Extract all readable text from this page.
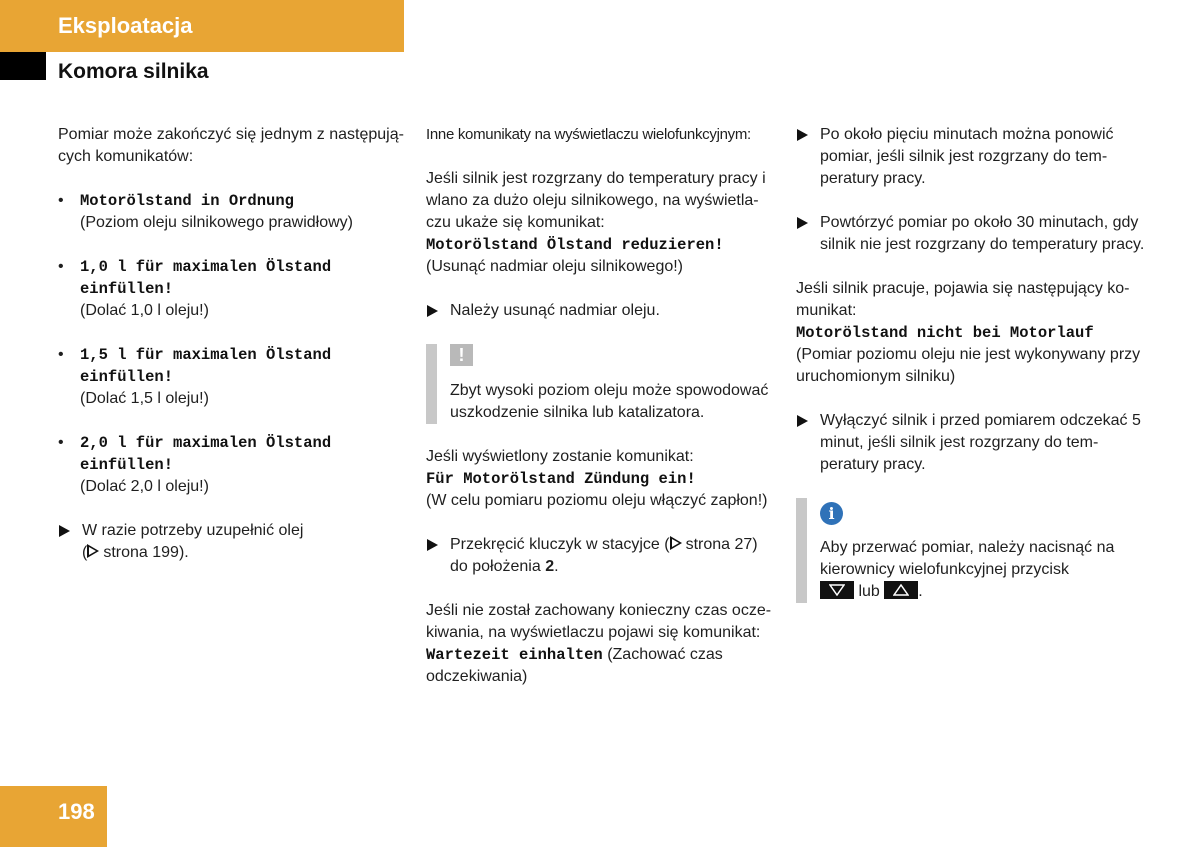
Eksploatacja
Komora silnika

Pomiar może zakończyć się jednym z następują-cych komunikatów:

• Motorölstand in Ordnung
(Poziom oleju silnikowego prawidłowy)
• 1,0 l für maximalen Ölstand einfüllen!
(Dolać 1,0 l oleju!)
• 1,5 l für maximalen Ölstand einfüllen!
(Dolać 1,5 l oleju!)
• 2,0 l für maximalen Ölstand einfüllen!
(Dolać 2,0 l oleju!)
W razie potrzeby uzupełnić olej
( strona 199).

Inne komunikaty na wyświetlaczu wielofunkcyjnym:

Jeśli silnik jest rozgrzany do temperatury pracy i wlano za dużo oleju silnikowego, na wyświetla-czu ukaże się komunikat:

Motorölstand Ölstand reduzieren!

(Usunąć nadmiar oleju silnikowego!)

Należy usunąć nadmiar oleju.
!
Zbyt wysoki poziom oleju może spowodować uszkodzenie silnika lub katalizatora.

Jeśli wyświetlony zostanie komunikat:

Für Motorölstand Zündung ein!

(W celu pomiaru poziomu oleju włączyć zapłon!)

Przekręcić kluczyk w stacyjce ( strona 27)
do położenia 2.

Jeśli nie został zachowany konieczny czas ocze-kiwania, na wyświetlaczu pojawi się komunikat:

Wartezeit einhalten (Zachować czas odczekiwania)
Po około pięciu minutach można ponowić pomiar, jeśli silnik jest rozgrzany do tem-peratury pracy.
Powtórzyć pomiar po około 30 minutach, gdy silnik nie jest rozgrzany do temperatury pracy.

Jeśli silnik pracuje, pojawia się następujący ko-munikat:

Motorölstand nicht bei Motorlauf

(Pomiar poziomu oleju nie jest wykonywany przy uruchomionym silniku)

Wyłączyć silnik i przed pomiarem odczekać 5 minut, jeśli silnik jest rozgrzany do tem-peratury pracy.
i
Aby przerwać pomiar, należy nacisnąć na kierownicy wielofunkcyjnej przycisk
lub .
198
